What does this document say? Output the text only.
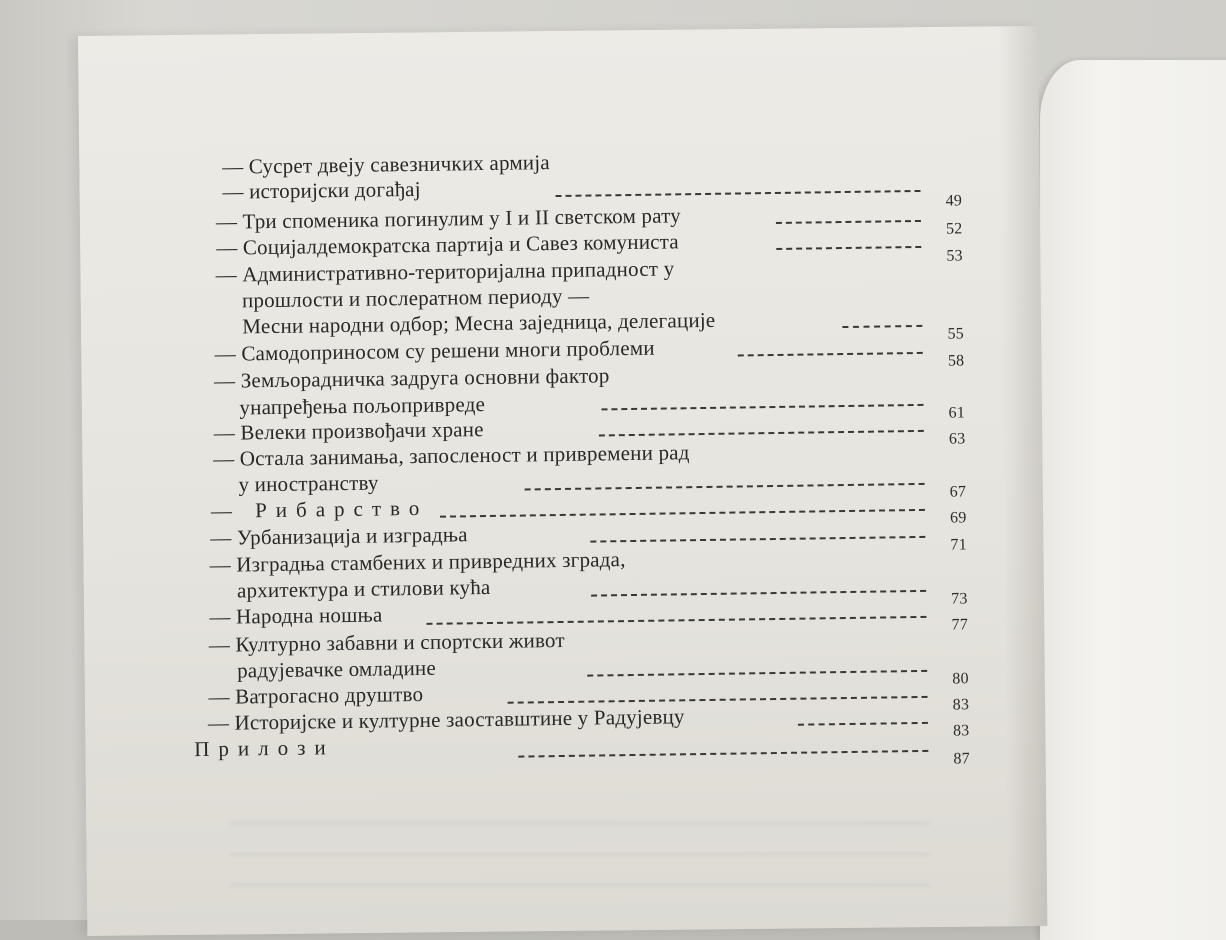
— Сусрет двеју савезничких армија
— историјски догађај	49
— Три споменика погинулим у I и II светском рату	52
— Социјалдемократска партија и Савез комуниста	53
— Административно-територијална припадност у
прошлости и послератном периоду —
Месни народни одбор; Месна заједница, делегације	55
— Самодоприносом су решени многи проблеми	58
— Земљорадничка задруга основни фактор
унапређења пољопривреде	61
— Велеки произвођачи хране	63
— Остала занимања, запосленост и привремени рад
у иностранству	67
— Рибарство	69
— Урбанизација и изградња	71
— Изградња стамбених и привредних зграда,
архитектура и стилови кућа	73
— Народна ношња	77
— Културно забавни и спортски живот
радујевачке омладине	80
— Ватрогасно друштво	83
— Историјске и културне заоставштине у Радујевцу	83
Прилози	87
